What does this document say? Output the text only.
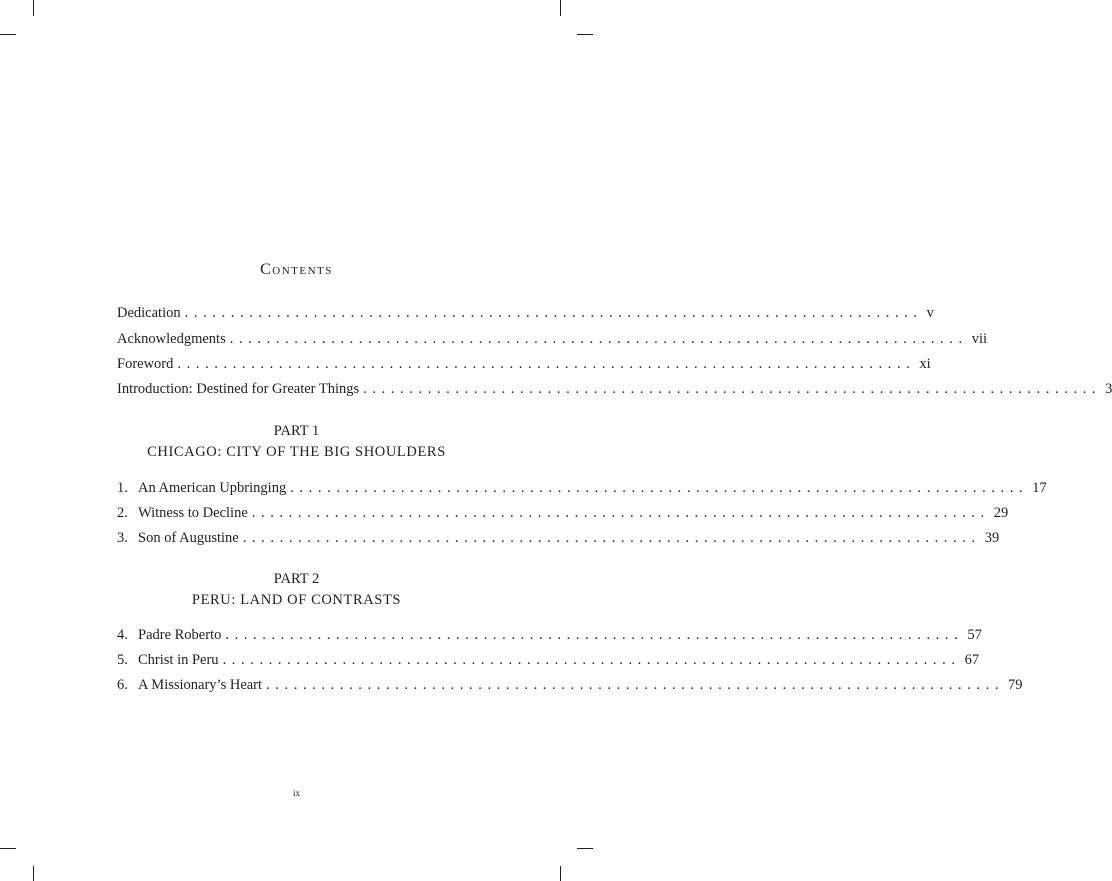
Contents
Dedication ................................................................................ v
Acknowledgments ................................................................................ vii
Foreword ................................................................................ xi
Introduction: Destined for Greater Things ................................................................................ 3
PART 1
CHICAGO: CITY OF THE BIG SHOULDERS
1. An American Upbringing ................................................................................ 17
2. Witness to Decline ................................................................................ 29
3. Son of Augustine ................................................................................ 39
PART 2
PERU: LAND OF CONTRASTS
4. Padre Roberto ................................................................................ 57
5. Christ in Peru ................................................................................ 67
6. A Missionary’s Heart ................................................................................ 79
ix
